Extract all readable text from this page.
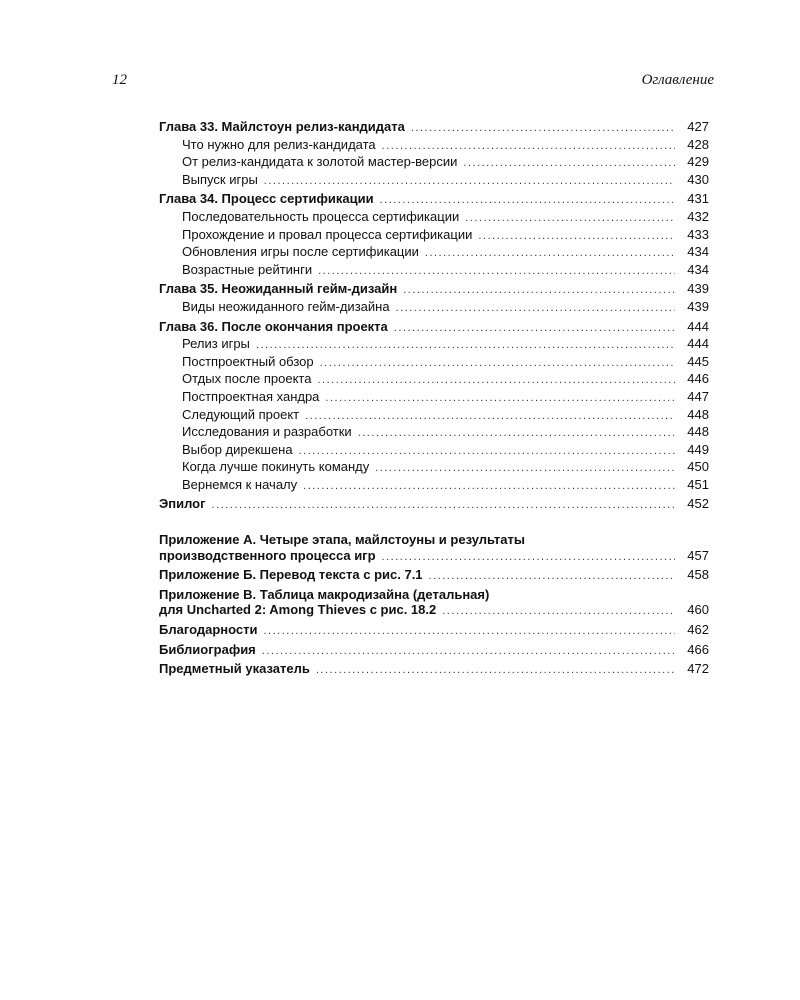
12	Оглавление
Глава 33. Майлстоун релиз-кандидата .....	427
Что нужно для релиз-кандидата .....	428
От релиз-кандидата к золотой мастер-версии .....	429
Выпуск игры .....	430
Глава 34. Процесс сертификации .....	431
Последовательность процесса сертификации .....	432
Прохождение и провал процесса сертификации .....	433
Обновления игры после сертификации .....	434
Возрастные рейтинги .....	434
Глава 35. Неожиданный гейм-дизайн .....	439
Виды неожиданного гейм-дизайна .....	439
Глава 36. После окончания проекта .....	444
Релиз игры .....	444
Постпроектный обзор .....	445
Отдых после проекта .....	446
Постпроектная хандра .....	447
Следующий проект .....	448
Исследования и разработки .....	448
Выбор дирекшена .....	449
Когда лучше покинуть команду .....	450
Вернемся к началу .....	451
Эпилог .....	452
Приложение А. Четыре этапа, майлстоуны и результаты
производственного процесса игр .....	457
Приложение Б. Перевод текста с рис. 7.1 .....	458
Приложение В. Таблица макродизайна (детальная)
для Uncharted 2: Among Thieves с рис. 18.2 .....	460
Благодарности .....	462
Библиография .....	466
Предметный указатель .....	472
